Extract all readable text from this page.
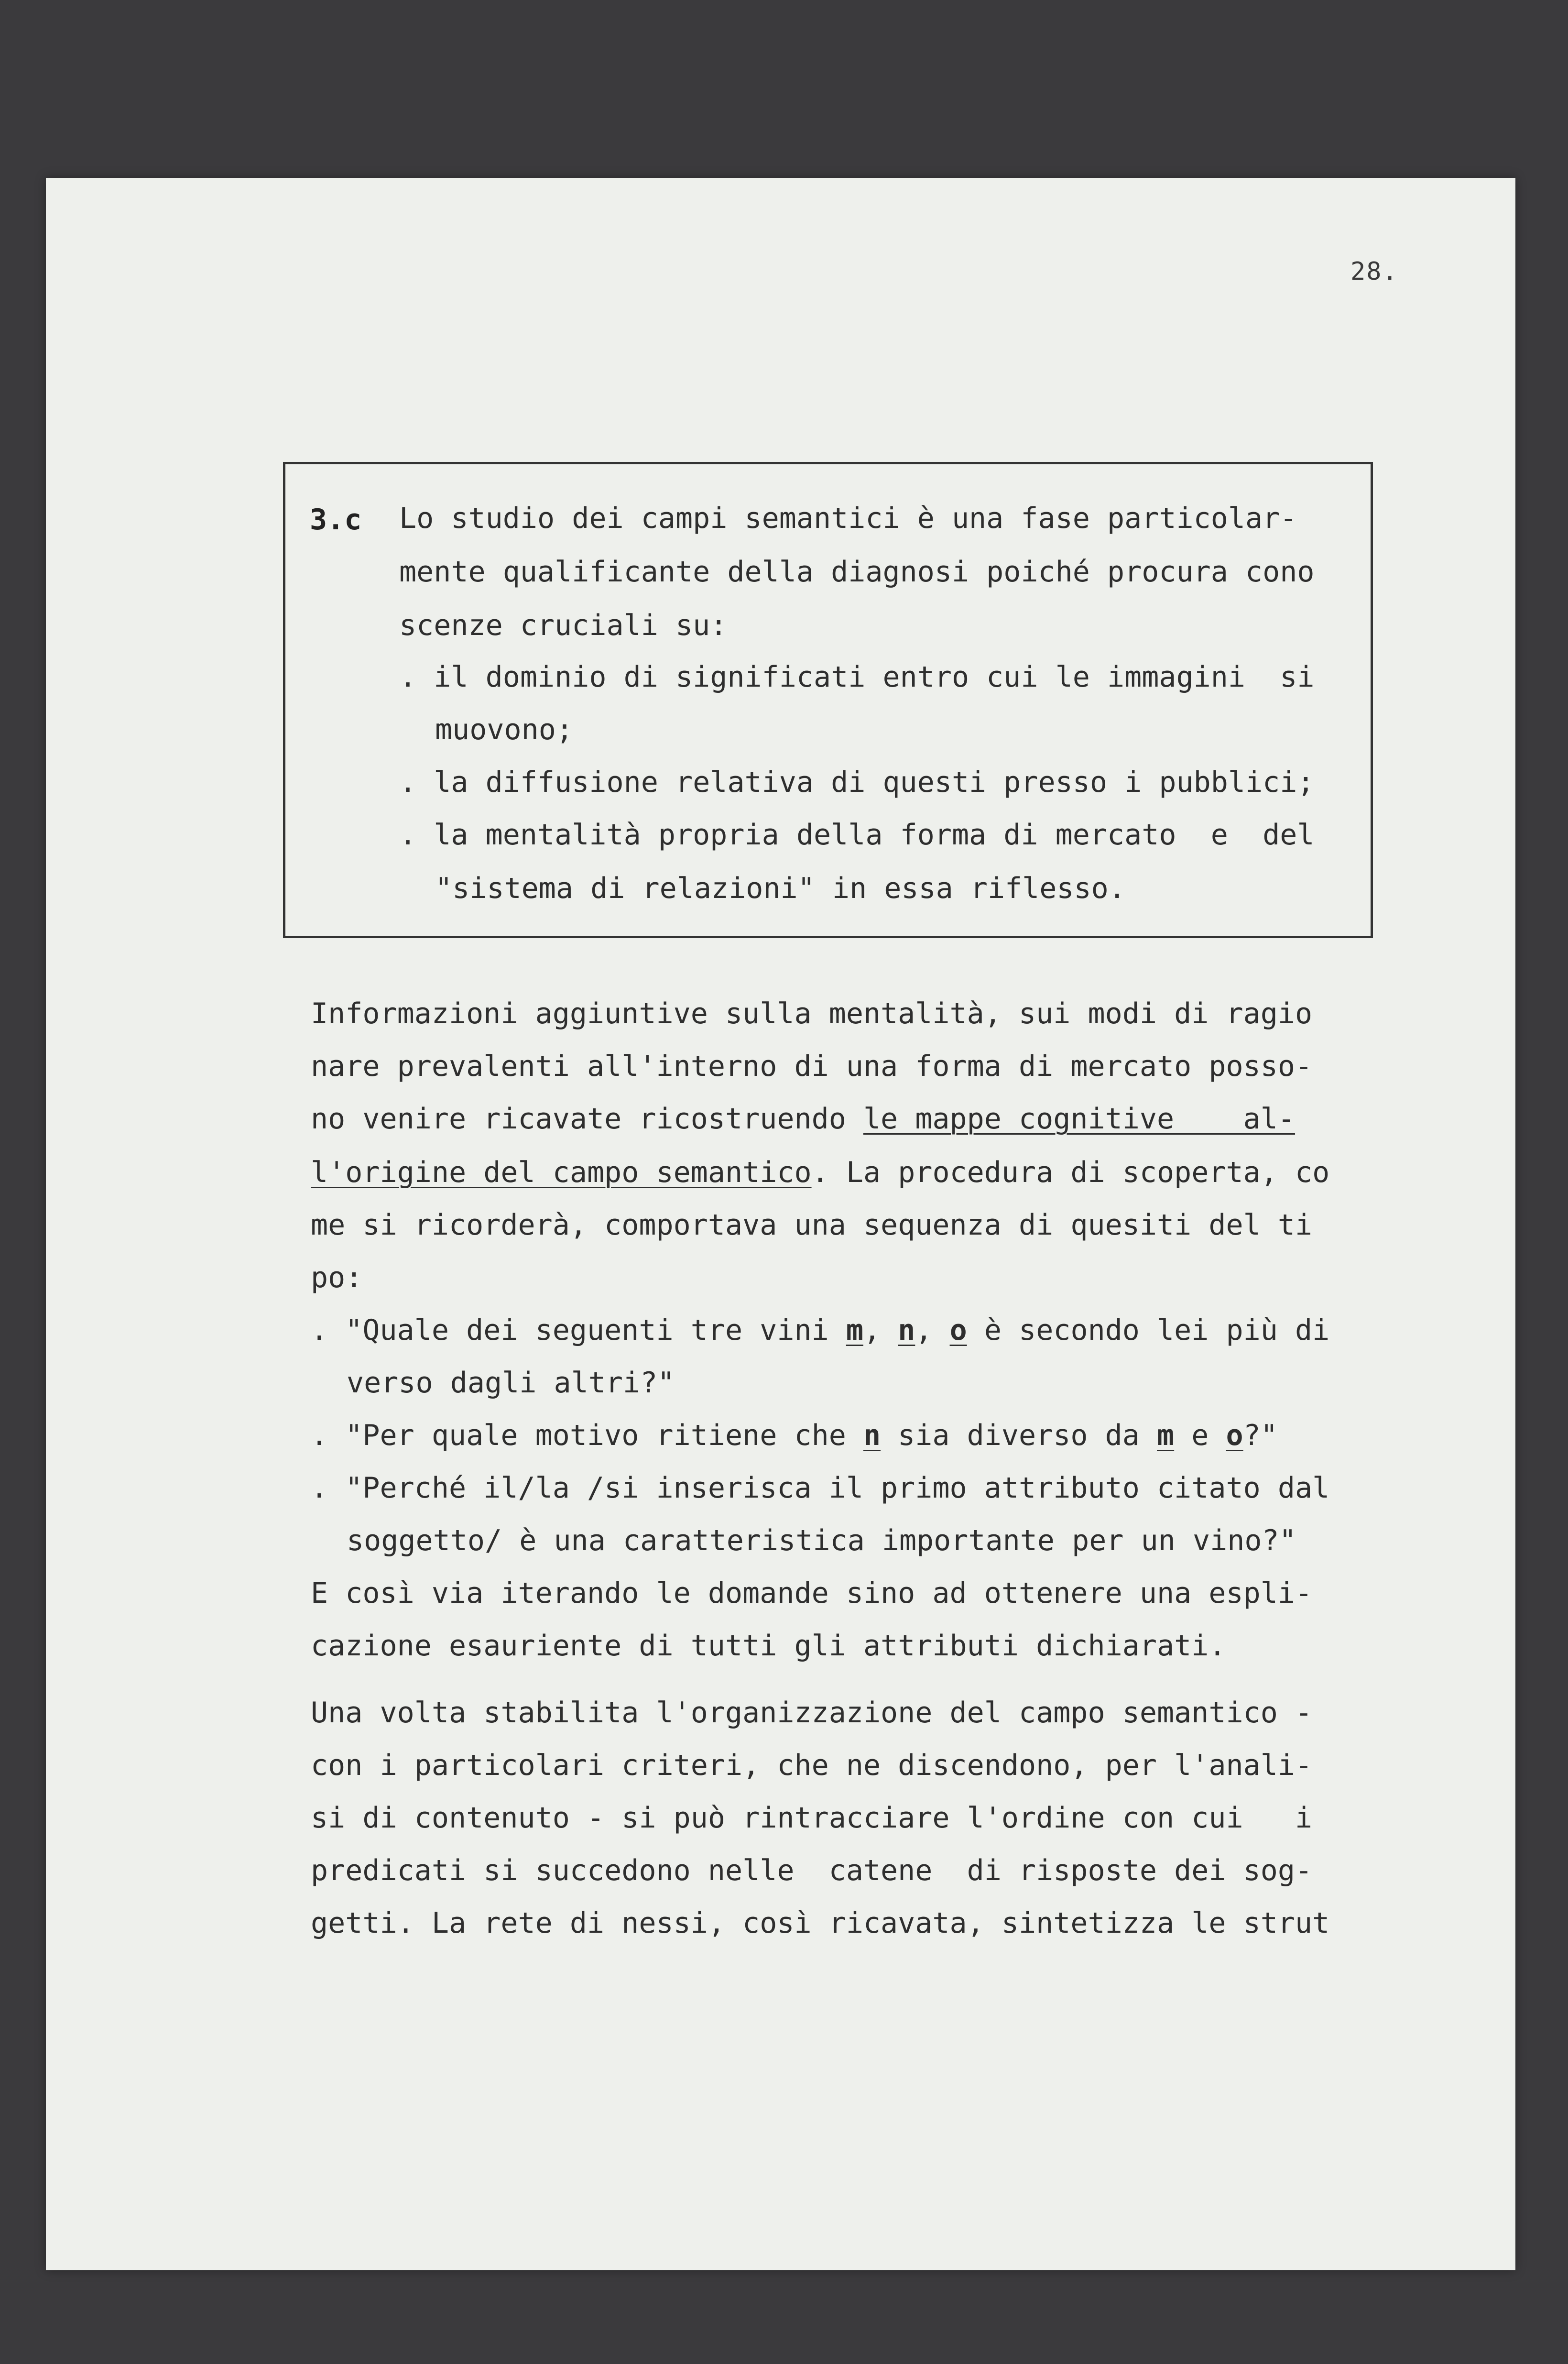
28.
3.c Lo studio dei campi semantici è una fase particolar-
mente qualificante della diagnosi poiché procura cono
scenze cruciali su:
. il dominio di significati entro cui le immagini  si
muovono;
. la diffusione relativa di questi presso i pubblici;
. la mentalità propria della forma di mercato  e  del
"sistema di relazioni" in essa riflesso.
Informazioni aggiuntive sulla mentalità, sui modi di ragio
nare prevalenti all'interno di una forma di mercato posso-
no venire ricavate ricostruendo le mappe cognitive    al-
l'origine del campo semantico. La procedura di scoperta, co
me si ricorderà, comportava una sequenza di quesiti del ti
po:
. "Quale dei seguenti tre vini m, n, o è secondo lei più di
verso dagli altri?"
. "Per quale motivo ritiene che n sia diverso da m e o?"
. "Perché il/la /si inserisca il primo attributo citato dal
soggetto/ è una caratteristica importante per un vino?"
E così via iterando le domande sino ad ottenere una espli-
cazione esauriente di tutti gli attributi dichiarati.
Una volta stabilita l'organizzazione del campo semantico -
con i particolari criteri, che ne discendono, per l'anali-
si di contenuto - si può rintracciare l'ordine con cui   i
predicati si succedono nelle  catene  di risposte dei sog-
getti. La rete di nessi, così ricavata, sintetizza le strut
